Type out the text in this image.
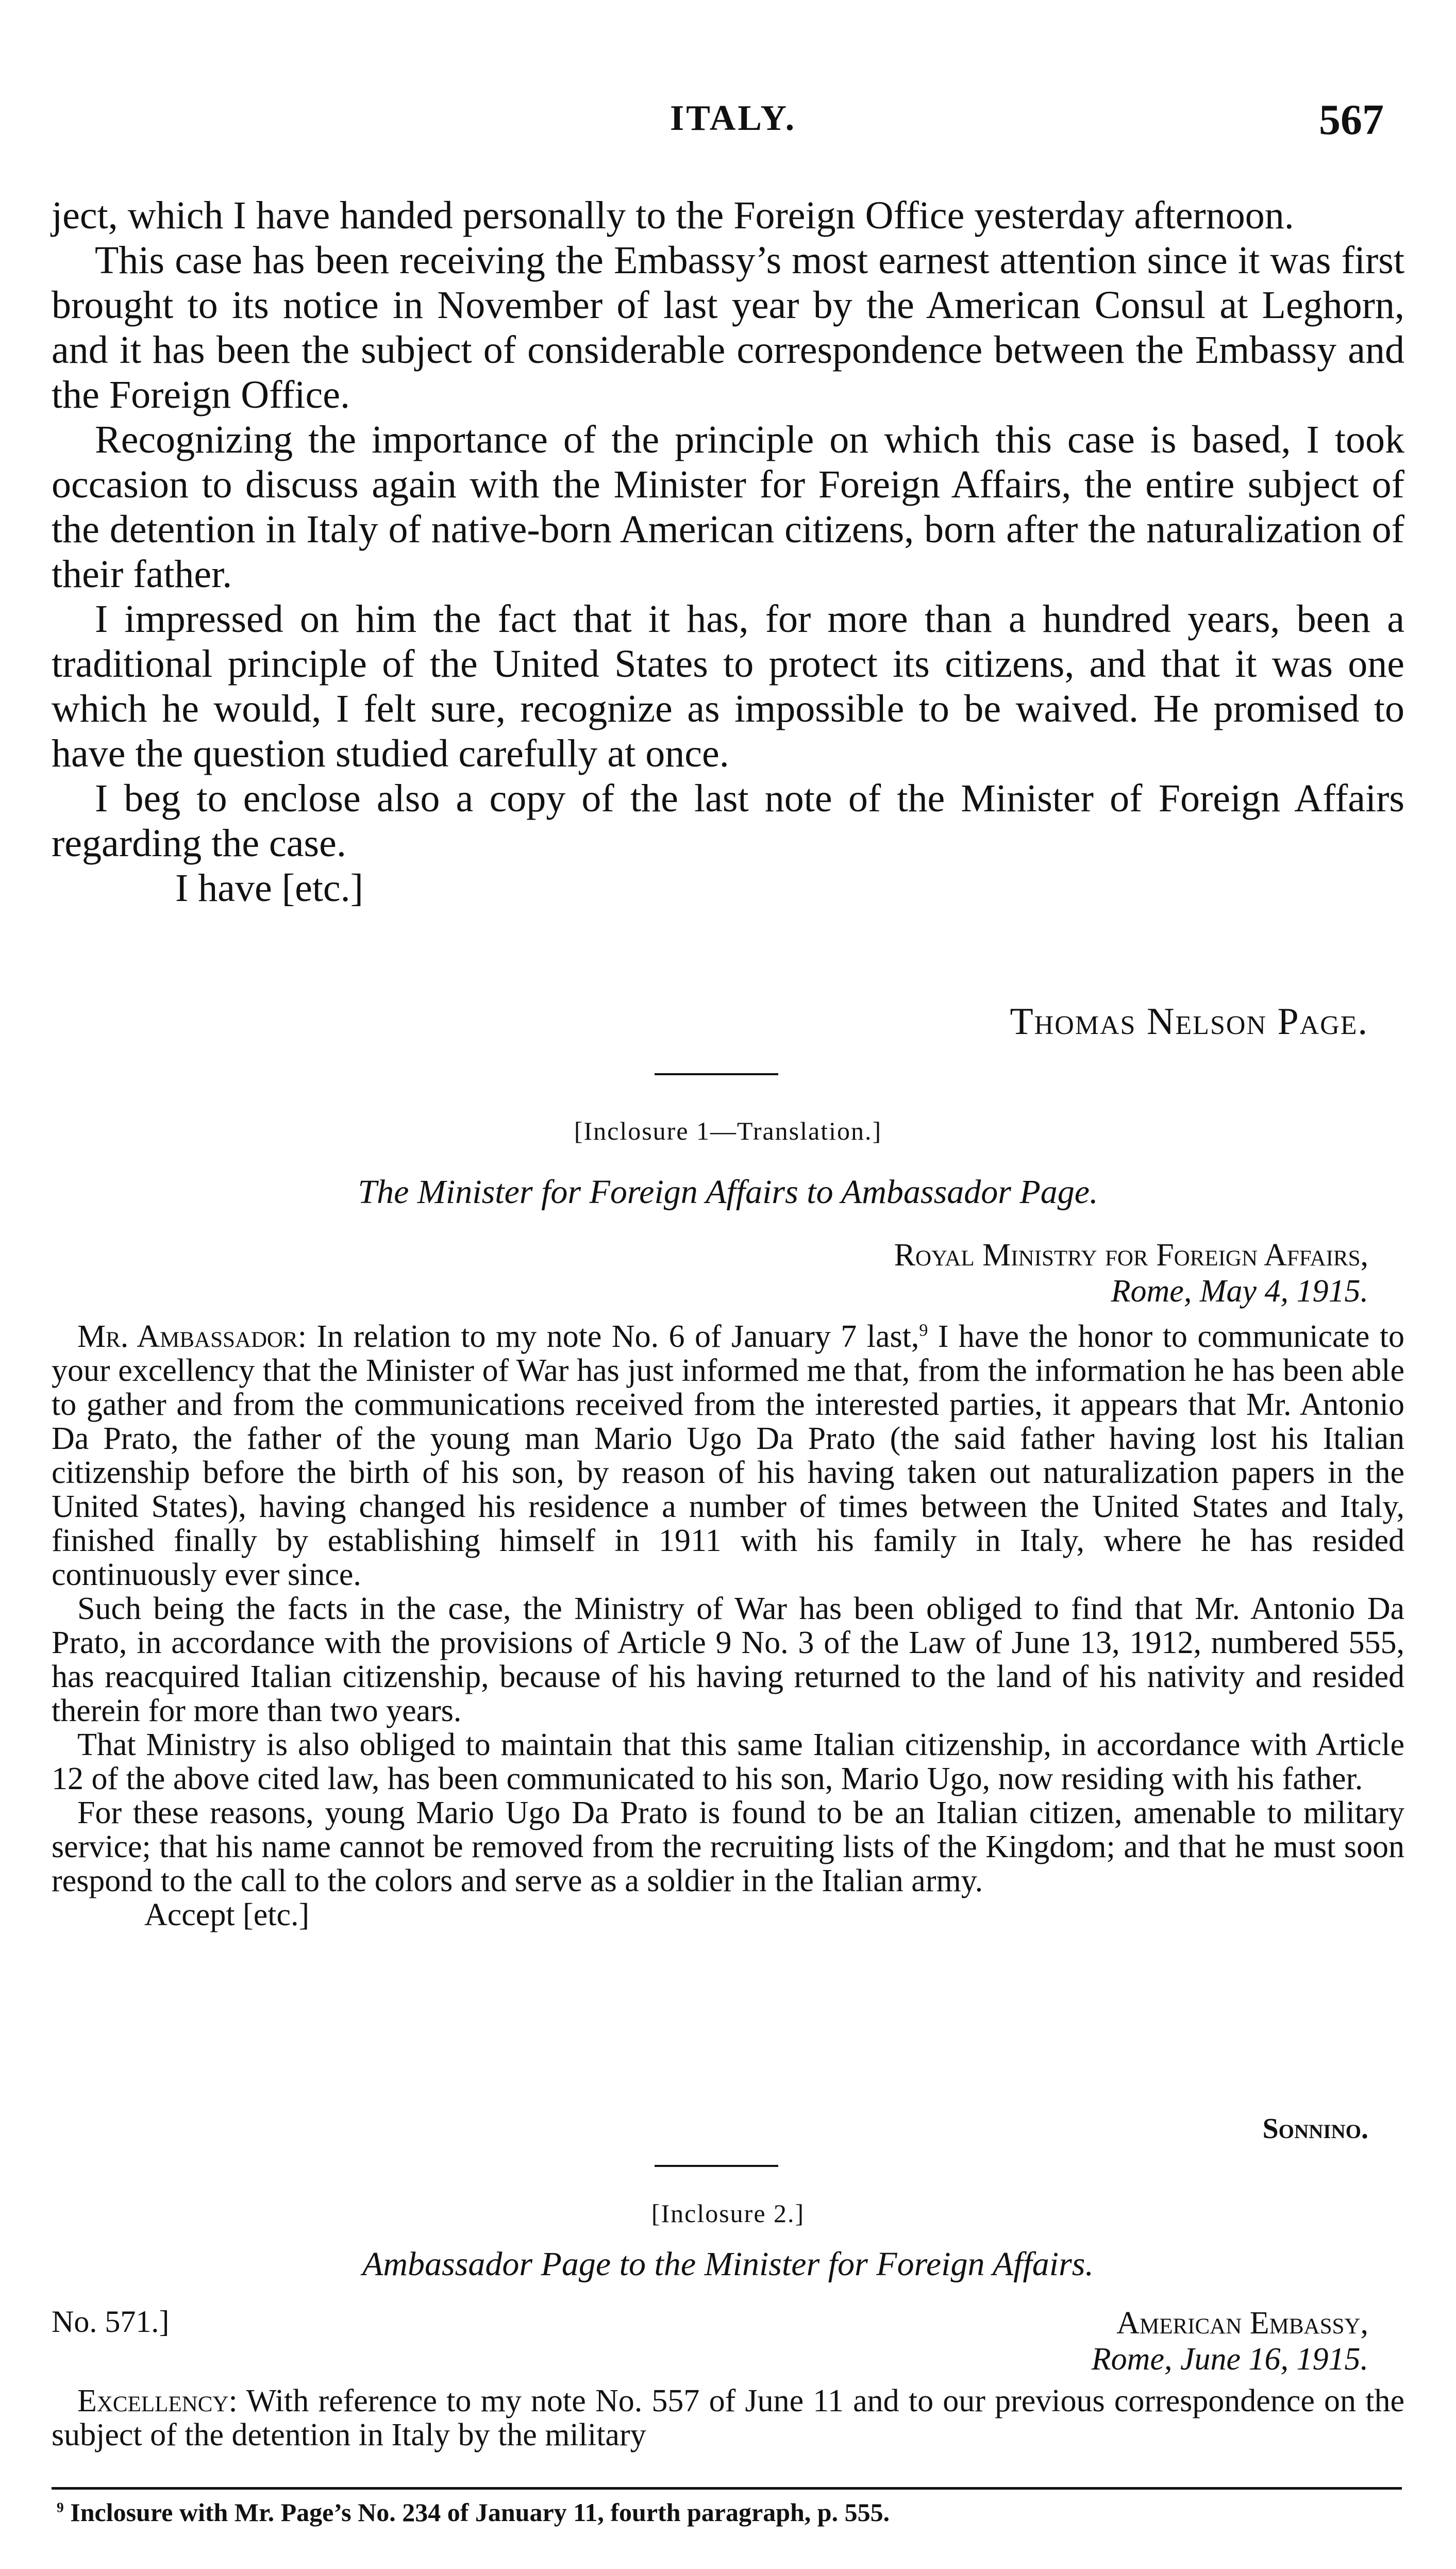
ITALY.	567

ject, which I have handed personally to the Foreign Office yesterday afternoon.

This case has been receiving the Embassy’s most earnest attention since it was first brought to its notice in November of last year by the American Consul at Leghorn, and it has been the subject of considerable correspondence between the Embassy and the Foreign Office.

Recognizing the importance of the principle on which this case is based, I took occasion to discuss again with the Minister for Foreign Affairs, the entire subject of the detention in Italy of native-born American citizens, born after the naturalization of their father.

I impressed on him the fact that it has, for more than a hundred years, been a traditional principle of the United States to protect its citizens, and that it was one which he would, I felt sure, recognize as impossible to be waived. He promised to have the question studied carefully at once.

I beg to enclose also a copy of the last note of the Minister of Foreign Affairs regarding the case.

I have [etc.]

Thomas Nelson Page.
[Inclosure 1—Translation.]
The Minister for Foreign Affairs to Ambassador Page.
Royal Ministry for Foreign Affairs,
Rome, May 4, 1915.

Mr. Ambassador: In relation to my note No. 6 of January 7 last,$^9$ I have the honor to communicate to your excellency that the Minister of War has just informed me that, from the information he has been able to gather and from the communications received from the interested parties, it appears that Mr. Antonio Da Prato, the father of the young man Mario Ugo Da Prato (the said father having lost his Italian citizenship before the birth of his son, by reason of his having taken out naturalization papers in the United States), having changed his residence a number of times between the United States and Italy, finished finally by establishing himself in 1911 with his family in Italy, where he has resided continuously ever since.

Such being the facts in the case, the Ministry of War has been obliged to find that Mr. Antonio Da Prato, in accordance with the provisions of Article 9 No. 3 of the Law of June 13, 1912, numbered 555, has reacquired Italian citizenship, because of his having returned to the land of his nativity and resided therein for more than two years.

That Ministry is also obliged to maintain that this same Italian citizenship, in accordance with Article 12 of the above cited law, has been communicated to his son, Mario Ugo, now residing with his father.

For these reasons, young Mario Ugo Da Prato is found to be an Italian citizen, amenable to military service; that his name cannot be removed from the recruiting lists of the Kingdom; and that he must soon respond to the call to the colors and serve as a soldier in the Italian army.

Accept [etc.]

Sonnino.
[Inclosure 2.]
Ambassador Page to the Minister for Foreign Affairs.
No. 571.]	American Embassy,
Rome, June 16, 1915.

Excellency: With reference to my note No. 557 of June 11 and to our previous correspondence on the subject of the detention in Italy by the military

$^9$ Inclosure with Mr. Page’s No. 234 of January 11, fourth paragraph, p. 555.
